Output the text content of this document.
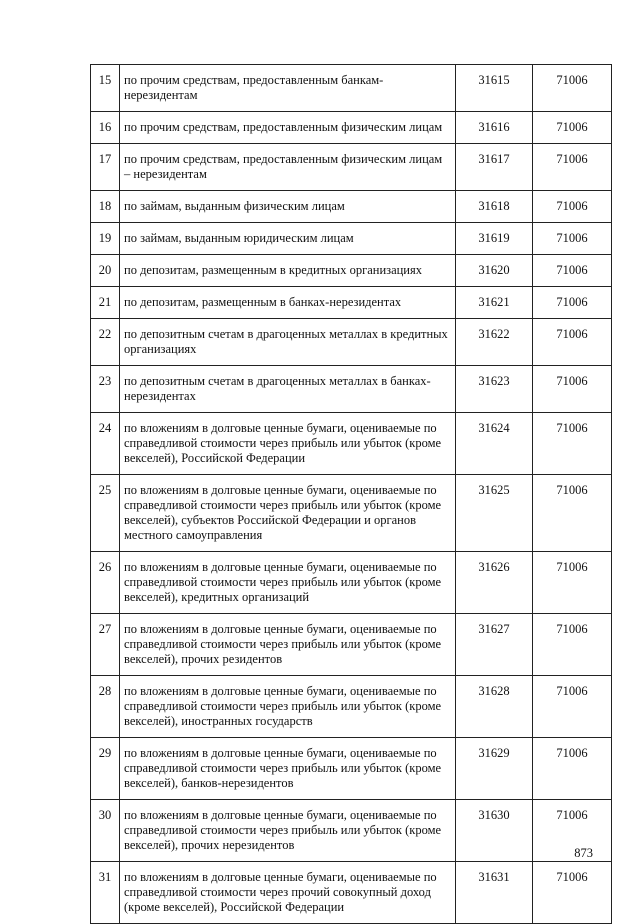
15	по прочим средствам, предоставленным банкам-нерезидентам	31615	71006
16	по прочим средствам, предоставленным физическим лицам	31616	71006
17	по прочим средствам, предоставленным физическим лицам – нерезидентам	31617	71006
18	по займам, выданным физическим лицам	31618	71006
19	по займам, выданным юридическим лицам	31619	71006
20	по депозитам, размещенным в кредитных организациях	31620	71006
21	по депозитам, размещенным в банках-нерезидентах	31621	71006
22	по депозитным счетам в драгоценных металлах в кредитных организациях	31622	71006
23	по депозитным счетам в драгоценных металлах в банках-нерезидентах	31623	71006
24	по вложениям в долговые ценные бумаги, оцениваемые по справедливой стоимости через прибыль или убыток (кроме векселей), Российской Федерации	31624	71006
25	по вложениям в долговые ценные бумаги, оцениваемые по справедливой стоимости через прибыль или убыток (кроме векселей), субъектов Российской Федерации и органов местного самоуправления	31625	71006
26	по вложениям в долговые ценные бумаги, оцениваемые по справедливой стоимости через прибыль или убыток (кроме векселей), кредитных организаций	31626	71006
27	по вложениям в долговые ценные бумаги, оцениваемые по справедливой стоимости через прибыль или убыток (кроме векселей), прочих резидентов	31627	71006
28	по вложениям в долговые ценные бумаги, оцениваемые по справедливой стоимости через прибыль или убыток (кроме векселей), иностранных государств	31628	71006
29	по вложениям в долговые ценные бумаги, оцениваемые по справедливой стоимости через прибыль или убыток (кроме векселей), банков-нерезидентов	31629	71006
30	по вложениям в долговые ценные бумаги, оцениваемые по справедливой стоимости через прибыль или убыток (кроме векселей), прочих нерезидентов	31630	71006
31	по вложениям в долговые ценные бумаги, оцениваемые по справедливой стоимости через прочий совокупный доход (кроме векселей), Российской Федерации	31631	71006
873
